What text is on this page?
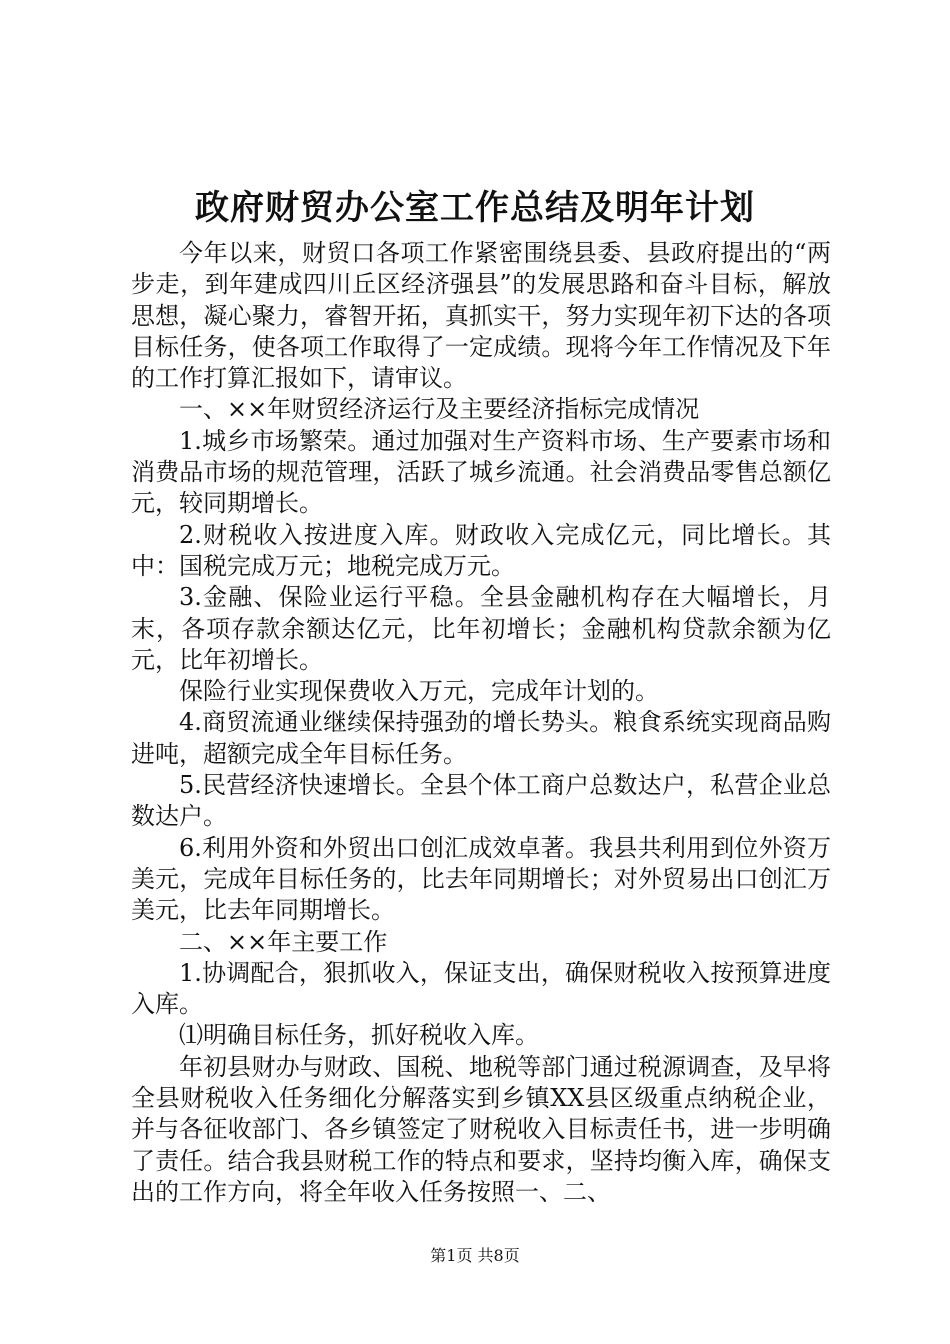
政府财贸办公室工作总结及明年计划

今年以来，财贸口各项工作紧密围绕县委、县政府提出的“两步走，到年建成四川丘区经济强县”的发展思路和奋斗目标，解放思想，凝心聚力，睿智开拓，真抓实干，努力实现年初下达的各项目标任务，使各项工作取得了一定成绩。现将今年工作情况及下年的工作打算汇报如下，请审议。

一、××年财贸经济运行及主要经济指标完成情况

1.城乡市场繁荣。通过加强对生产资料市场、生产要素市场和消费品市场的规范管理，活跃了城乡流通。社会消费品零售总额亿元，较同期增长。

2.财税收入按进度入库。财政收入完成亿元，同比增长。其中：国税完成万元；地税完成万元。

3.金融、保险业运行平稳。全县金融机构存在大幅增长，月末，各项存款余额达亿元，比年初增长；金融机构贷款余额为亿元，比年初增长。

保险行业实现保费收入万元，完成年计划的。

4.商贸流通业继续保持强劲的增长势头。粮食系统实现商品购进吨，超额完成全年目标任务。

5.民营经济快速增长。全县个体工商户总数达户，私营企业总数达户。

6.利用外资和外贸出口创汇成效卓著。我县共利用到位外资万美元，完成年目标任务的，比去年同期增长；对外贸易出口创汇万美元，比去年同期增长。

二、××年主要工作

1.协调配合，狠抓收入，保证支出，确保财税收入按预算进度入库。

⑴明确目标任务，抓好税收入库。

年初县财办与财政、国税、地税等部门通过税源调查，及早将全县财税收入任务细化分解落实到乡镇XX县区级重点纳税企业，并与各征收部门、各乡镇签定了财税收入目标责任书，进一步明确了责任。结合我县财税工作的特点和要求，坚持均衡入库，确保支出的工作方向，将全年收入任务按照一、二、

第1页 共8页
